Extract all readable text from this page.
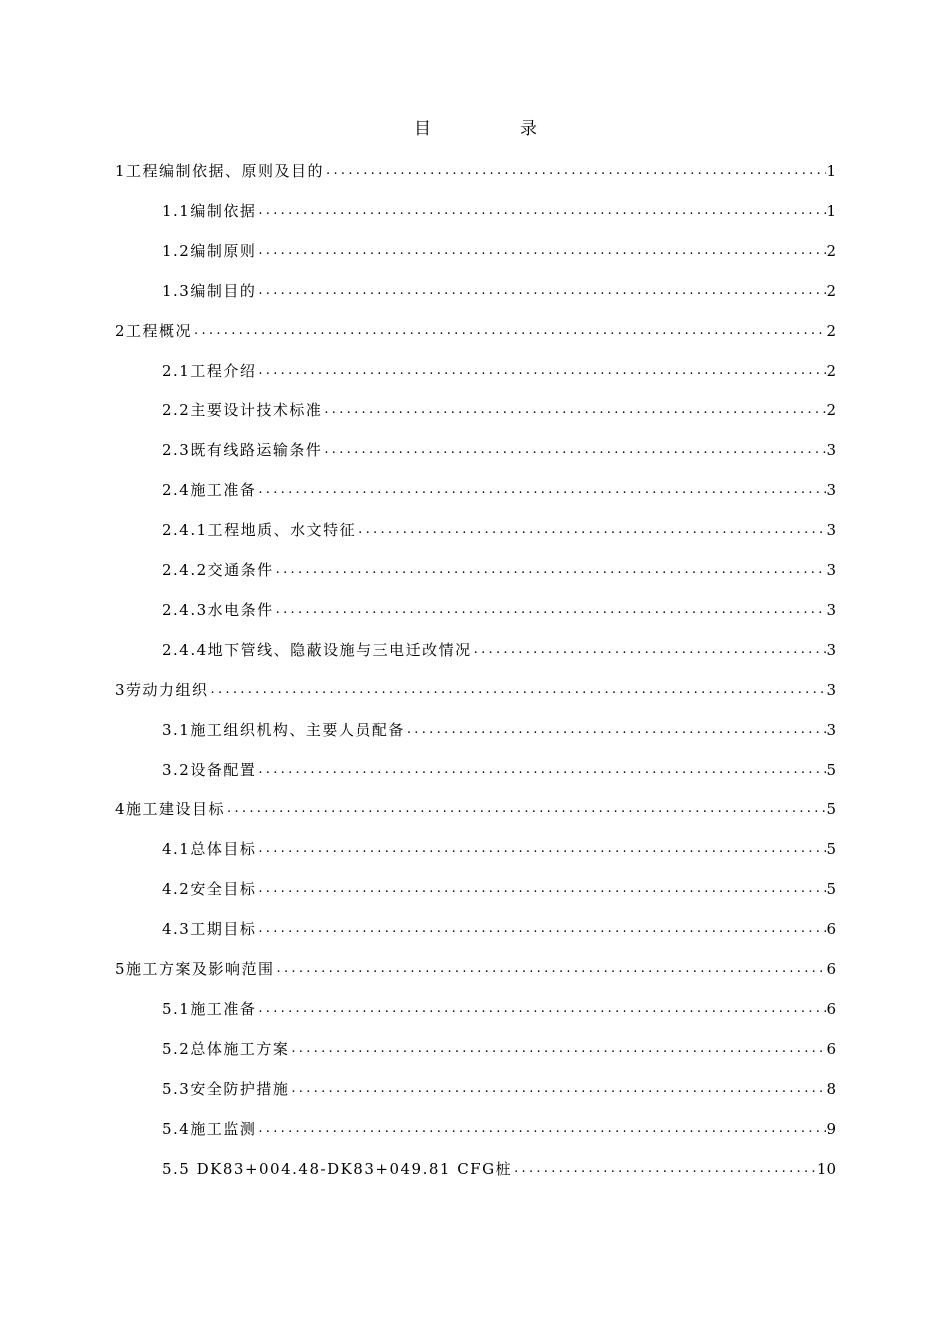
目	录
1工程编制依据、原则及目的 .....	1
1.1编制依据 .....	1
1.2编制原则 .....	2
1.3编制目的 .....	2
2工程概况 .....	2
2.1工程介绍 .....	2
2.2主要设计技术标准 .....	2
2.3既有线路运输条件 .....	3
2.4施工准备 .....	3
2.4.1工程地质、水文特征 .....	3
2.4.2交通条件 .....	3
2.4.3水电条件 .....	3
2.4.4地下管线、隐蔽设施与三电迁改情况 .....	3
3劳动力组织 .....	3
3.1施工组织机构、主要人员配备 .....	3
3.2设备配置 .....	5
4施工建设目标 .....	5
4.1总体目标 .....	5
4.2安全目标 .....	5
4.3工期目标 .....	6
5施工方案及影响范围 .....	6
5.1施工准备 .....	6
5.2总体施工方案 .....	6
5.3安全防护措施 .....	8
5.4施工监测 .....	9
5.5 DK83+004.48-DK83+049.81 CFG桩 .....	10
